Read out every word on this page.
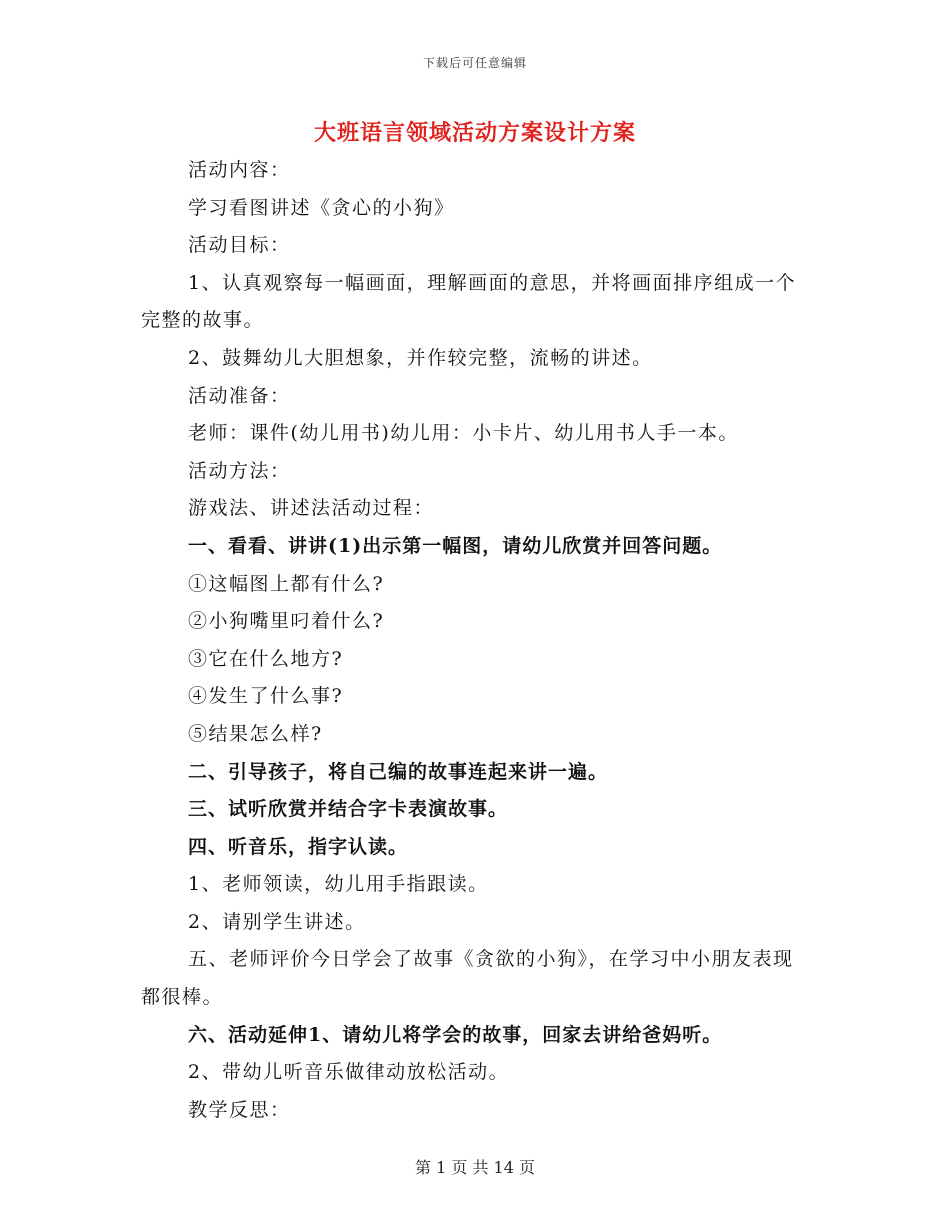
下载后可任意编辑
大班语言领域活动方案设计方案

活动内容：

学习看图讲述《贪心的小狗》

活动目标：

1、认真观察每一幅画面，理解画面的意思，并将画面排序组成一个完整的故事。

2、鼓舞幼儿大胆想象，并作较完整，流畅的讲述。

活动准备：

老师：课件(幼儿用书)幼儿用：小卡片、幼儿用书人手一本。

活动方法：

游戏法、讲述法活动过程：

一、看看、讲讲(1)出示第一幅图，请幼儿欣赏并回答问题。

①这幅图上都有什么?

②小狗嘴里叼着什么?

③它在什么地方?

④发生了什么事?

⑤结果怎么样?

二、引导孩子，将自己编的故事连起来讲一遍。

三、试听欣赏并结合字卡表演故事。

四、听音乐，指字认读。

1、老师领读，幼儿用手指跟读。

2、请别学生讲述。

五、老师评价今日学会了故事《贪欲的小狗》，在学习中小朋友表现都很棒。

六、活动延伸1、请幼儿将学会的故事，回家去讲给爸妈听。

2、带幼儿听音乐做律动放松活动。

教学反思：

第 1 页 共 14 页
